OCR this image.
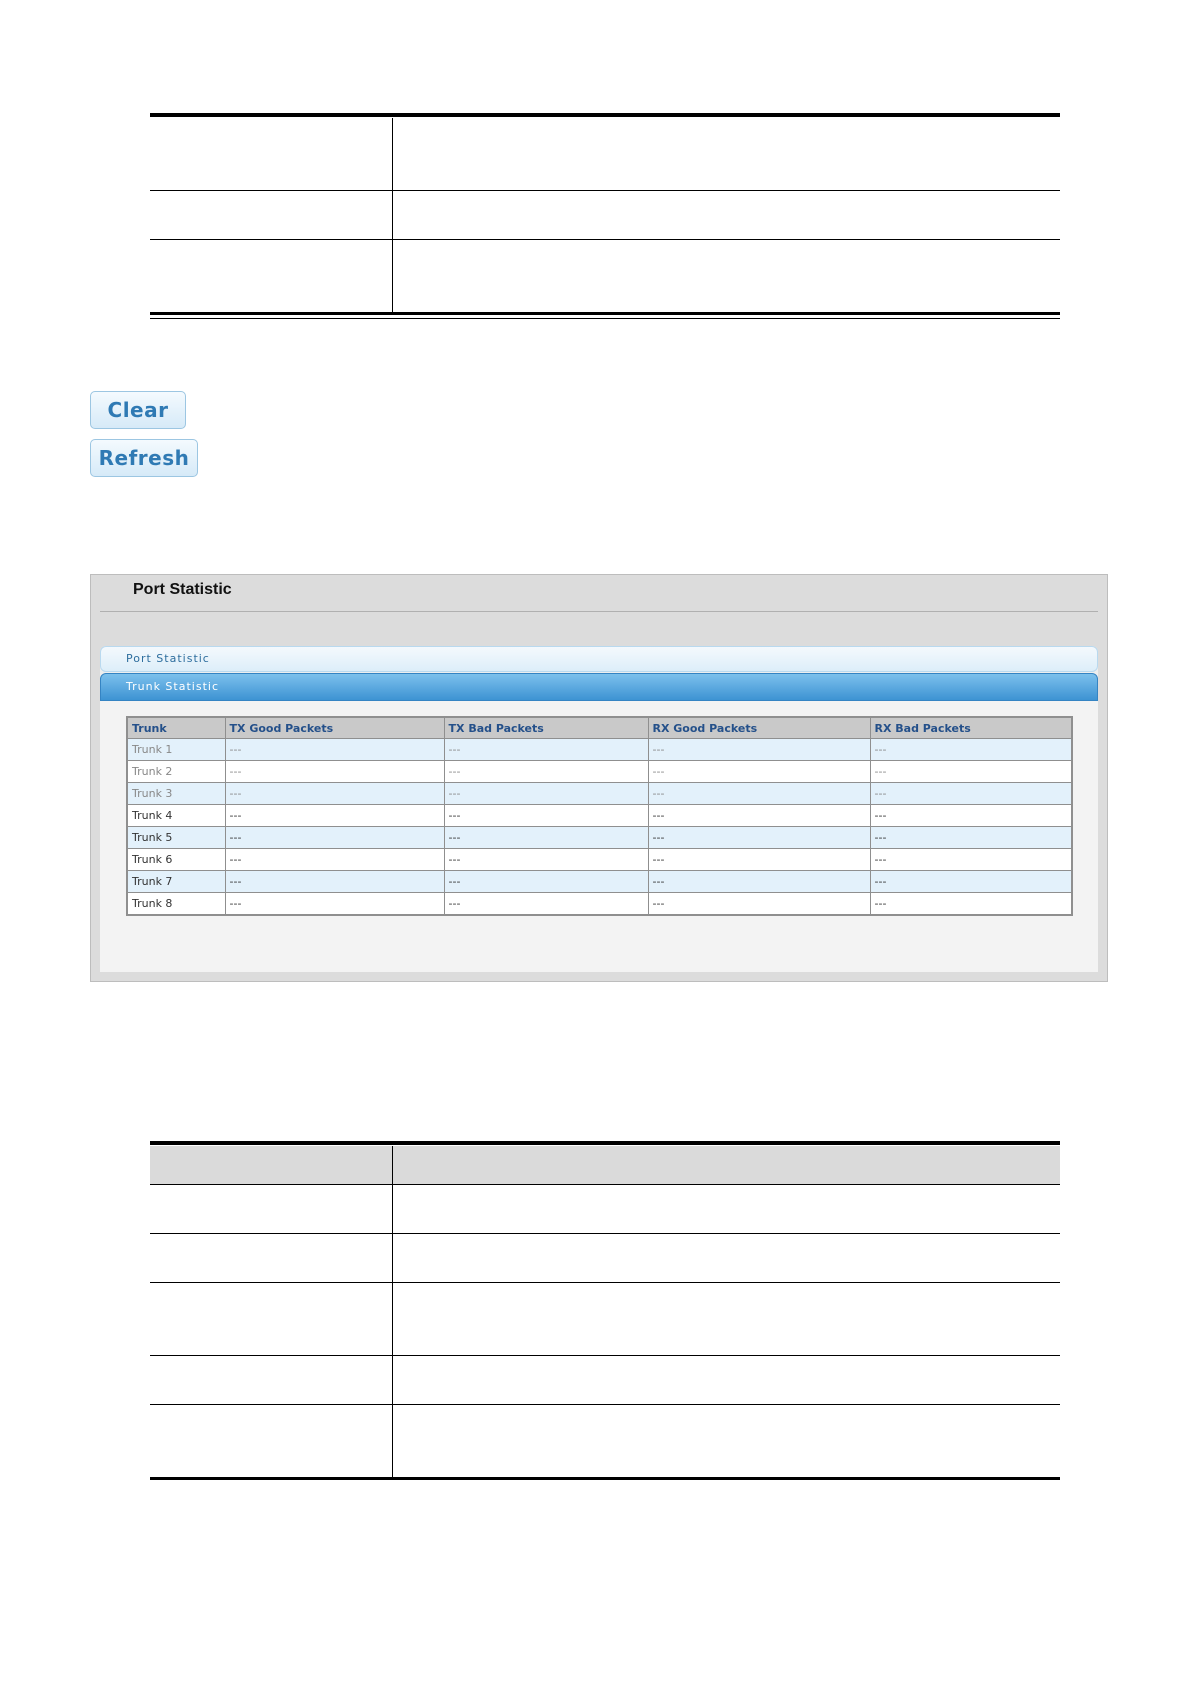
Clear
Refresh
Port Statistic
Port Statistic
Trunk Statistic
Trunk	TX Good Packets	TX Bad Packets	RX Good Packets	RX Bad Packets
Trunk 1	---	---	---	---
Trunk 2	---	---	---	---
Trunk 3	---	---	---	---
Trunk 4	---	---	---	---
Trunk 5	---	---	---	---
Trunk 6	---	---	---	---
Trunk 7	---	---	---	---
Trunk 8	---	---	---	---
